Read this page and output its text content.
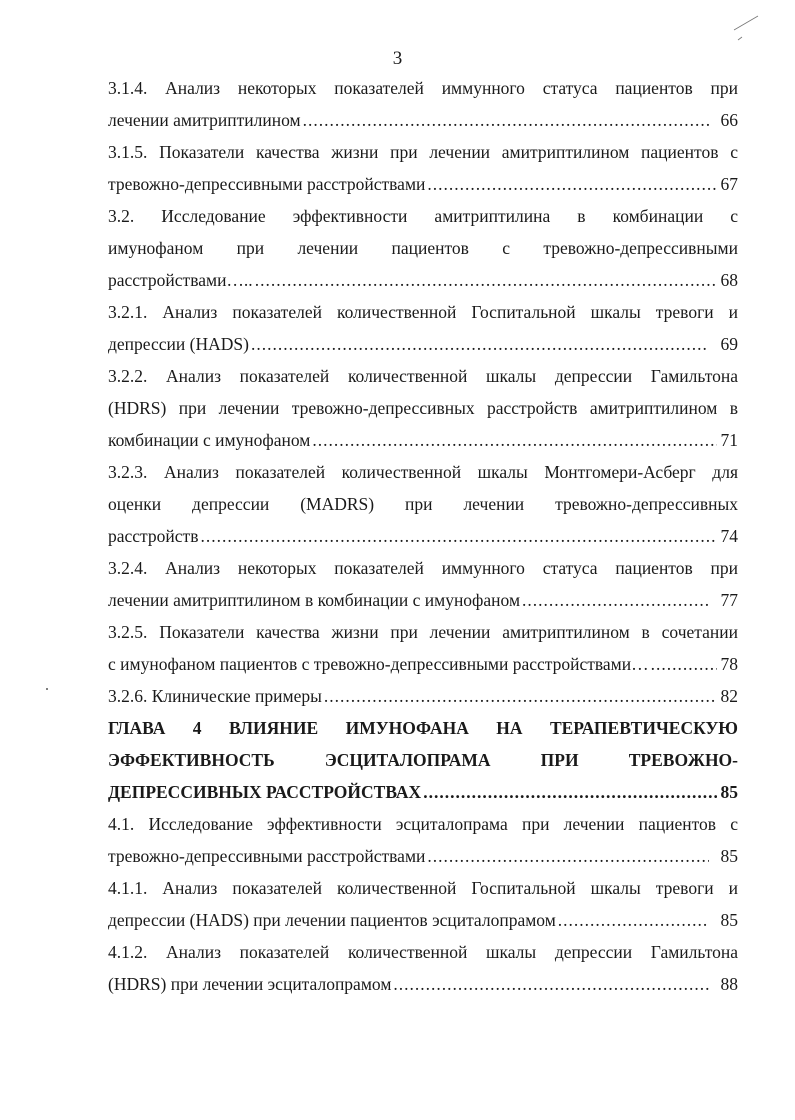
3
3.1.4. Анализ некоторых показателей иммунного статуса пациентов при
лечении амитриптилином .....	66
3.1.5. Показатели качества жизни при лечении амитриптилином пациентов с
тревожно-депрессивными расстройствами .....	67
3.2. Исследование эффективности амитриптилина в комбинации с
имунофаном при лечении пациентов с тревожно-депрессивными
расстройствами….. .....	68
3.2.1. Анализ показателей количественной Госпитальной шкалы тревоги и
депрессии (HADS) .....	69
3.2.2. Анализ показателей количественной шкалы депрессии Гамильтона
(HDRS) при лечении тревожно-депрессивных расстройств амитриптилином в
комбинации с имунофаном .....	71
3.2.3. Анализ показателей количественной шкалы Монтгомери-Асберг для
оценки депрессии (MADRS) при лечении тревожно-депрессивных
расстройств .....	74
3.2.4. Анализ некоторых показателей иммунного статуса пациентов при
лечении амитриптилином в комбинации с имунофаном .....	77
3.2.5. Показатели качества жизни при лечении амитриптилином в сочетании
с имунофаном пациентов с тревожно-депрессивными расстройствами… .....	78
3.2.6. Клинические примеры .....	82
ГЛАВА 4 ВЛИЯНИЕ ИМУНОФАНА НА ТЕРАПЕВТИЧЕСКУЮ
ЭФФЕКТИВНОСТЬ ЭСЦИТАЛОПРАМА ПРИ ТРЕВОЖНО-
ДЕПРЕССИВНЫХ РАССТРОЙСТВАХ .....	85
4.1. Исследование эффективности эсциталопрама при лечении пациентов с
тревожно-депрессивными расстройствами .....	85
4.1.1. Анализ показателей количественной Госпитальной шкалы тревоги и
депрессии (HADS) при лечении пациентов эсциталопрамом .....	85
4.1.2. Анализ показателей количественной шкалы депрессии Гамильтона
(HDRS) при лечении эсциталопрамом .....	88
